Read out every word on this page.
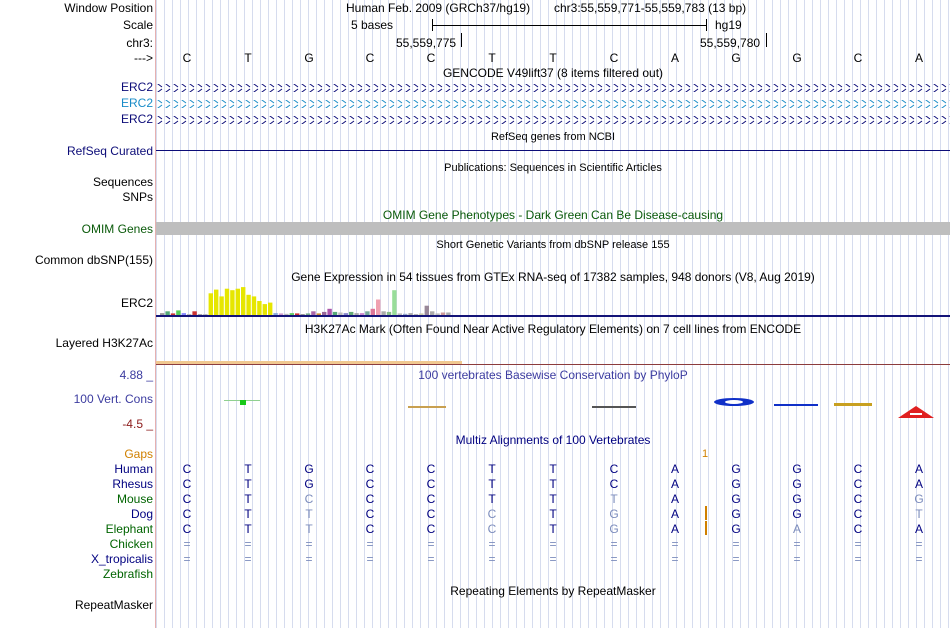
Window Position	Human Feb. 2009 (GRCh37/hg19) chr3:55,559,771-55,559,783 (13 bp)
Scale	5 bases	hg19
chr3:	55,559,775	55,559,780
--->	C	T	G	C	C	T	T	C	A	G	G	C	A
GENCODE V49lift37 (8 items filtered out)
ERC2
ERC2
ERC2
RefSeq genes from NCBI
RefSeq Curated
Publications: Sequences in Scientific Articles
Sequences
SNPs
OMIM Gene Phenotypes - Dark Green Can Be Disease-causing
OMIM Genes
Short Genetic Variants from dbSNP release 155
Common dbSNP(155)
Gene Expression in 54 tissues from GTEx RNA-seq of 17382 samples, 948 donors (V8, Aug 2019)
ERC2
H3K27Ac Mark (Often Found Near Active Regulatory Elements) on 7 cell lines from ENCODE
Layered H3K27Ac
100 vertebrates Basewise Conservation by PhyloP
4.88 _
100 Vert. Cons
-4.5 _
Multiz Alignments of 100 Vertebrates
Gaps	1
Human	C	T	G	C	C	T	T	C	A	G	G	C	A
Rhesus	C	T	G	C	C	T	T	C	A	G	G	C	A
Mouse	C	T	C	C	C	T	T	T	A	G	G	C	G
Dog	C	T	T	C	C	C	T	G	A	G	G	C	T
Elephant	C	T	T	C	C	C	T	G	A	G	A	C	A
Chicken	=	=	=	=	=	=	=	=	=	=	=	=	=
X_tropicalis	=	=	=	=	=	=	=	=	=	=	=	=	=
Zebrafish
Repeating Elements by RepeatMasker
RepeatMasker
